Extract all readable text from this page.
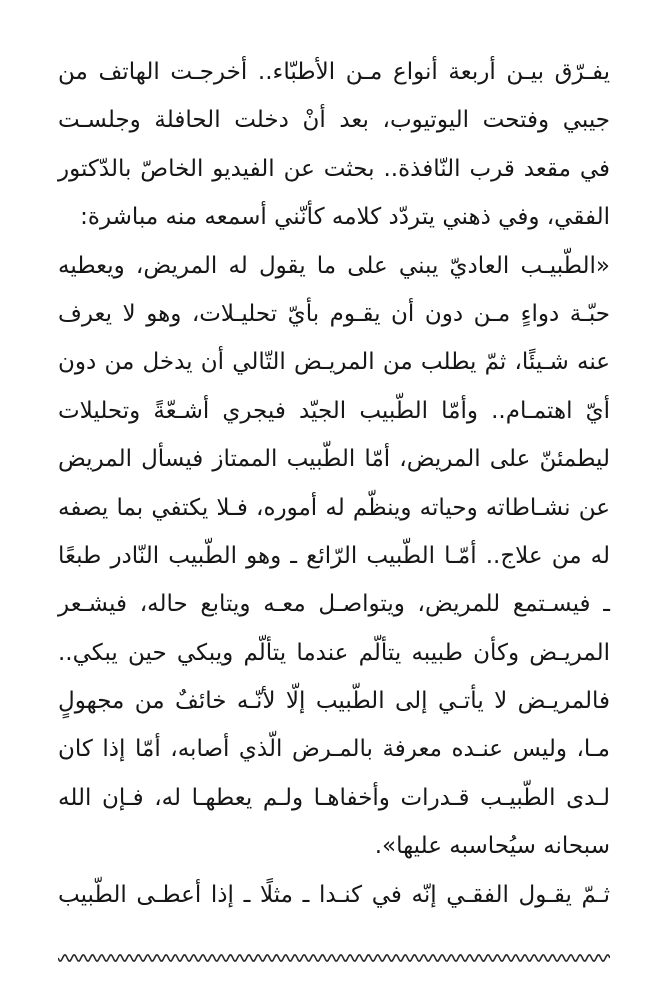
يفـرّق بيـن أربعة أنواع مـن الأطبّاء.. أخرجـت الهاتف من
جيبي وفتحت اليوتيوب، بعد أنْ دخلت الحافلة وجلسـت
في مقعد قرب النّافذة.. بحثت عن الفيديو الخاصّ بالدّكتور
الفقي، وفي ذهني يتردّد كلامه كأنّني أسمعه منه مباشرة:
«الطّبيـب العاديّ يبني على ما يقول له المريض، ويعطيه
حبّـة دواءٍ مـن دون أن يقـوم بأيّ تحليـلات، وهو لا يعرف
عنه شـيئًا، ثمّ يطلب من المريـض التّالي أن يدخل من دون
أيّ اهتمـام.. وأمّا الطّبيب الجيّد فيجري أشـعّةً وتحليلات
ليطمئنّ على المريض، أمّا الطّبيب الممتاز فيسأل المريض
عن نشـاطاته وحياته وينظّم له أموره، فـلا يكتفي بما يصفه
له من علاج.. أمّـا الطّبيب الرّائع ـ وهو الطّبيب النّادر طبعًا
ـ فيسـتمع للمريض، ويتواصـل معـه ويتابع حاله، فيشـعر
المريـض وكأن طبيبه يتألّم عندما يتألّم ويبكي حين يبكي..
فالمريـض لا يأتـي إلى الطّبيب إلّا لأنّـه خائفٌ من مجهولٍ
مـا، وليس عنـده معرفة بالمـرض الّذي أصابه، أمّا إذا كان
لـدى الطّبيـب قـدرات وأخفاهـا ولـم يعطهـا له، فـإن الله
سبحانه سيُحاسبه عليها».
ثـمّ يقـول الفقـي إنّه في كنـدا ـ مثلًا ـ إذا أعطـى الطّبيب
